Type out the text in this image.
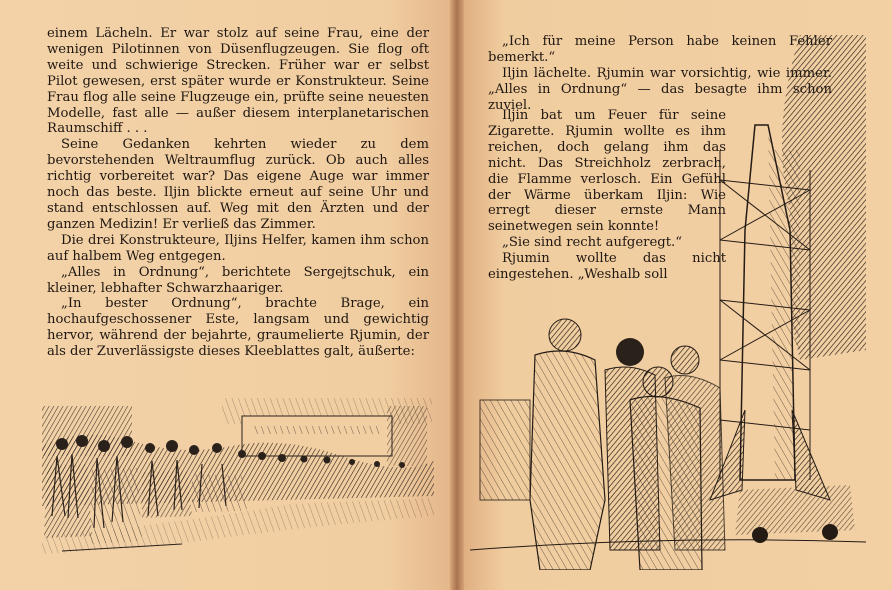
einem Lächeln. Er war stolz auf seine Frau, eine der wenigen Pilotinnen von Düsenflugzeugen. Sie flog oft weite und schwierige Strecken. Früher war er selbst Pilot gewesen, erst später wurde er Konstrukteur. Seine Frau flog alle seine Flugzeuge ein, prüfte seine neuesten Modelle, fast alle — außer diesem interplanetarischen Raumschiff . . .

Seine Gedanken kehrten wieder zu dem bevorstehenden Weltraumflug zurück. Ob auch alles richtig vorbereitet war? Das eigene Auge war immer noch das beste. Iljin blickte erneut auf seine Uhr und stand entschlossen auf. Weg mit den Ärzten und der ganzen Medizin! Er verließ das Zimmer.

Die drei Konstrukteure, Iljins Helfer, kamen ihm schon auf halbem Weg entgegen.

„Alles in Ordnung“, berichtete Sergejtschuk, ein kleiner, lebhafter Schwarzhaariger.

„In bester Ordnung“, brachte Brage, ein hochaufgeschossener Este, langsam und gewichtig hervor, während der bejahrte, graumelierte Rjumin, der als der Zuverlässigste dieses Kleeblattes galt, äußerte:

„Ich für meine Person habe keinen Fehler bemerkt.“

Iljin lächelte. Rjumin war vorsichtig, wie immer. „Alles in Ordnung“ — das besagte ihm schon zuviel.

Iljin bat um Feuer für seine Zigarette. Rjumin wollte es ihm reichen, doch gelang ihm das nicht. Das Streichholz zerbrach, die Flamme verlosch. Ein Gefühl der Wärme überkam Iljin: Wie erregt dieser ernste Mann seinetwegen sein konnte!

„Sie sind recht aufgeregt.“

Rjumin wollte das nicht eingestehen. „Weshalb soll
